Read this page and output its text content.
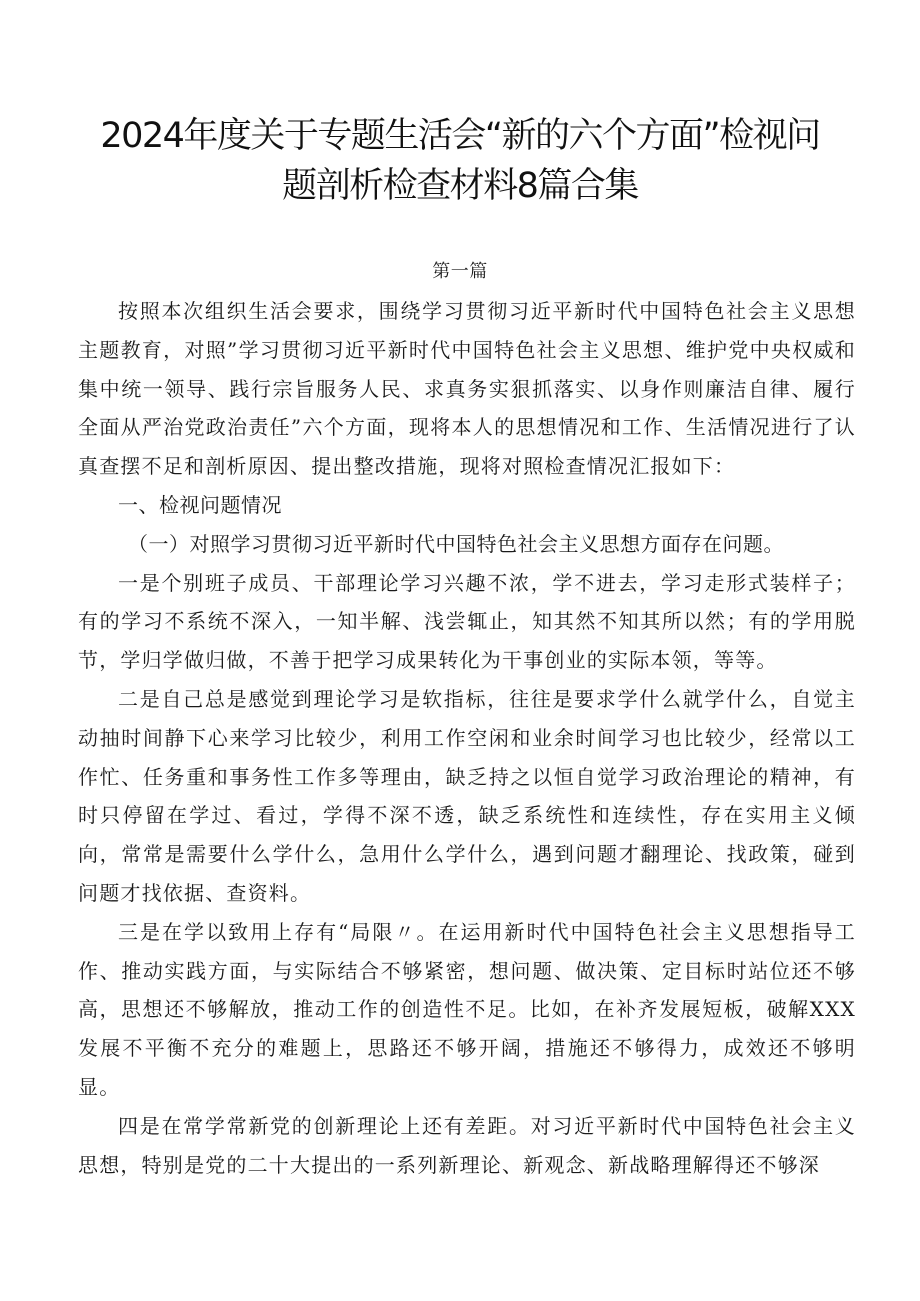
2024年度关于专题生活会“新的六个方面”检视问
题剖析检查材料8篇合集
第一篇

按照本次组织生活会要求，围绕学习贯彻习近平新时代中国特色社会主义思想主题教育，对照”学习贯彻习近平新时代中国特色社会主义思想、维护党中央权威和集中统一领导、践行宗旨服务人民、求真务实狠抓落实、以身作则廉洁自律、履行全面从严治党政治责任”六个方面，现将本人的思想情况和工作、生活情况进行了认真查摆不足和剖析原因、提出整改措施，现将对照检查情况汇报如下：

一、检视问题情况

（一）对照学习贯彻习近平新时代中国特色社会主义思想方面存在问题。

一是个别班子成员、干部理论学习兴趣不浓，学不进去，学习走形式装样子；有的学习不系统不深入，一知半解、浅尝辄止，知其然不知其所以然；有的学用脱节，学归学做归做，不善于把学习成果转化为干事创业的实际本领，等等。

二是自己总是感觉到理论学习是软指标，往往是要求学什么就学什么，自觉主动抽时间静下心来学习比较少，利用工作空闲和业余时间学习也比较少，经常以工作忙、任务重和事务性工作多等理由，缺乏持之以恒自觉学习政治理论的精神，有时只停留在学过、看过，学得不深不透，缺乏系统性和连续性，存在实用主义倾向，常常是需要什么学什么，急用什么学什么，遇到问题才翻理论、找政策，碰到问题才找依据、查资料。

三是在学以致用上存有“局限〃。在运用新时代中国特色社会主义思想指导工作、推动实践方面，与实际结合不够紧密，想问题、做决策、定目标时站位还不够高，思想还不够解放，推动工作的创造性不足。比如，在补齐发展短板，破解XXX发展不平衡不充分的难题上，思路还不够开阔，措施还不够得力，成效还不够明显。

四是在常学常新党的创新理论上还有差距。对习近平新时代中国特色社会主义思想，特别是党的二十大提出的一系列新理论、新观念、新战略理解得还不够深
